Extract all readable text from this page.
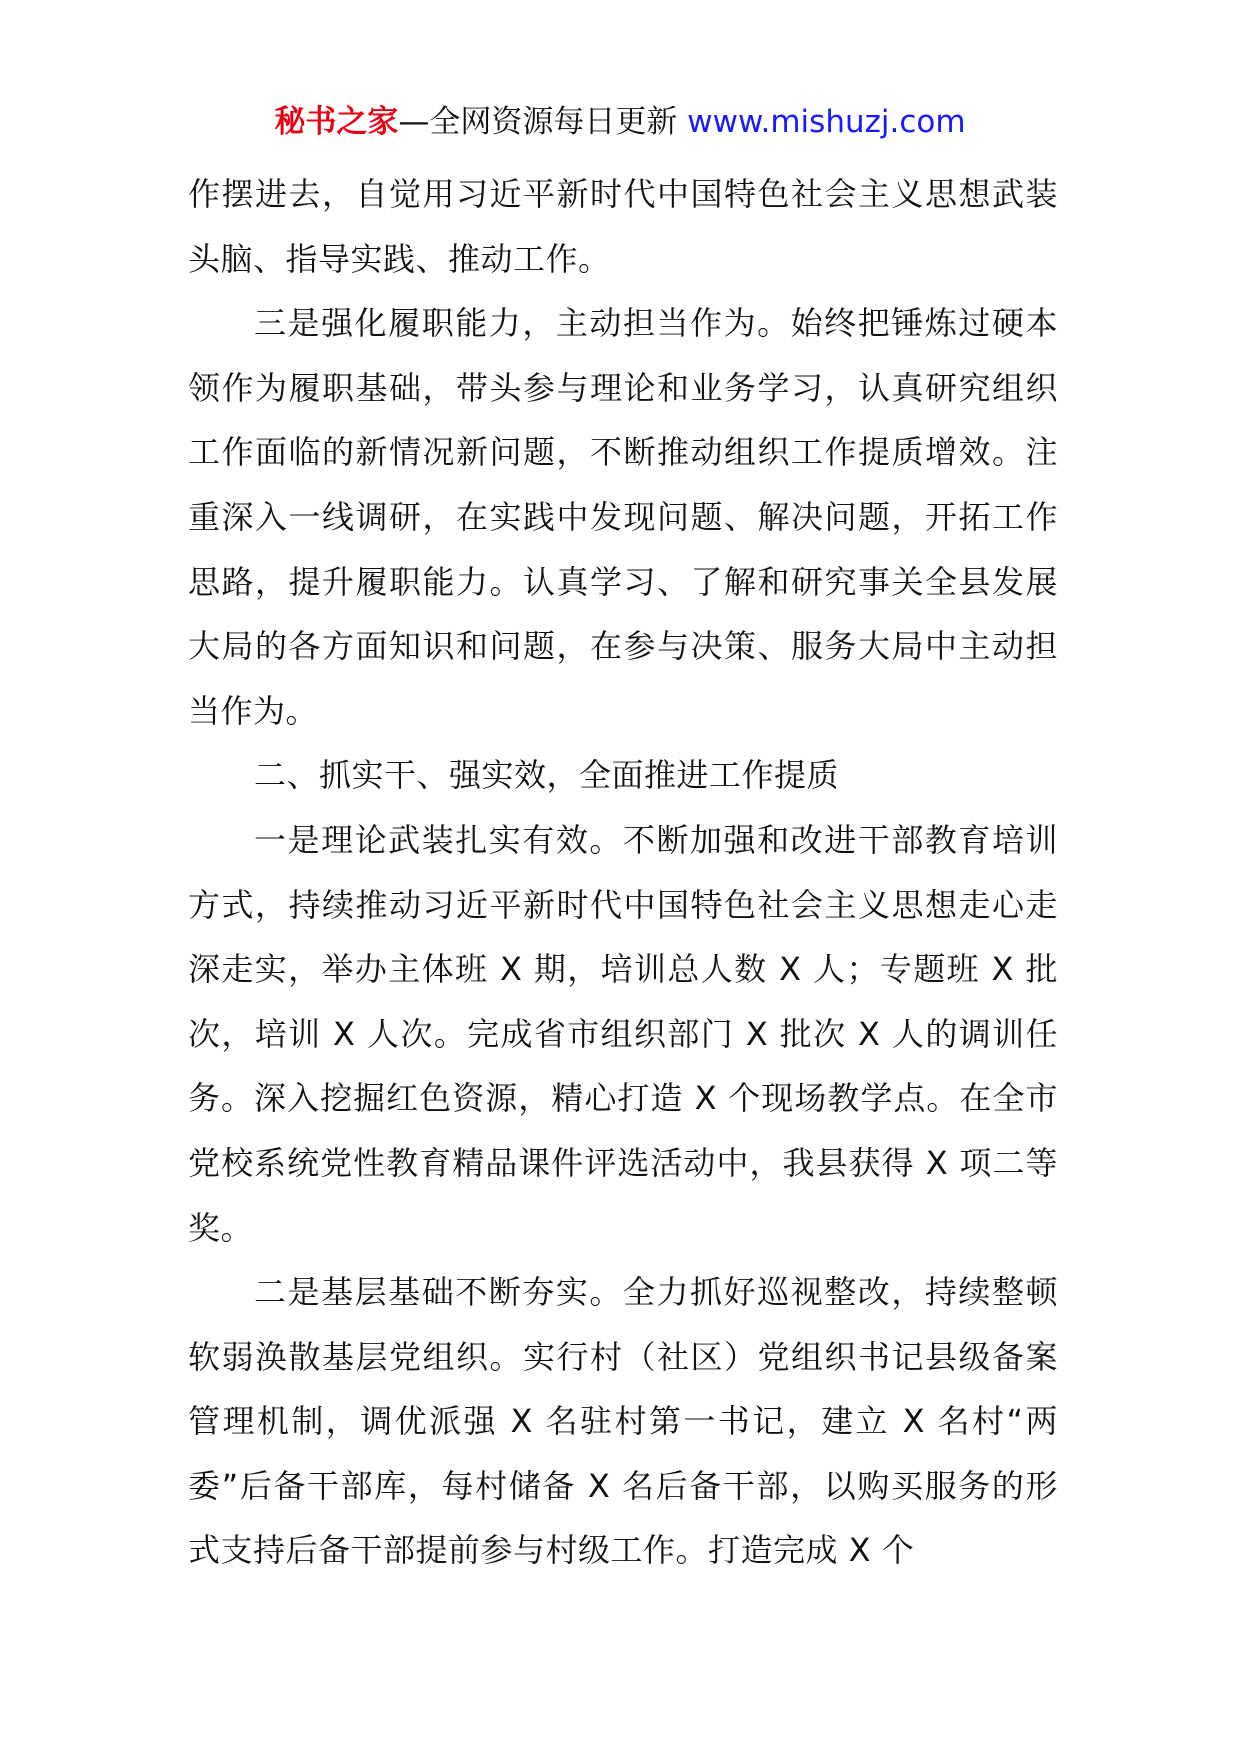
秘书之家—全网资源每日更新 www.mishuzj.com

作摆进去，自觉用习近平新时代中国特色社会主义思想武装头脑、指导实践、推动工作。

三是强化履职能力，主动担当作为。始终把锤炼过硬本领作为履职基础，带头参与理论和业务学习，认真研究组织工作面临的新情况新问题，不断推动组织工作提质增效。注重深入一线调研，在实践中发现问题、解决问题，开拓工作思路，提升履职能力。认真学习、了解和研究事关全县发展大局的各方面知识和问题，在参与决策、服务大局中主动担当作为。

二、抓实干、强实效，全面推进工作提质

一是理论武装扎实有效。不断加强和改进干部教育培训方式，持续推动习近平新时代中国特色社会主义思想走心走深走实，举办主体班 X 期，培训总人数 X 人；专题班 X 批次，培训 X 人次。完成省市组织部门 X 批次 X 人的调训任务。深入挖掘红色资源，精心打造 X 个现场教学点。在全市党校系统党性教育精品课件评选活动中，我县获得 X 项二等奖。

二是基层基础不断夯实。全力抓好巡视整改，持续整顿软弱涣散基层党组织。实行村（社区）党组织书记县级备案管理机制，调优派强 X 名驻村第一书记，建立 X 名村“两委”后备干部库，每村储备 X 名后备干部，以购买服务的形式支持后备干部提前参与村级工作。打造完成 X 个
